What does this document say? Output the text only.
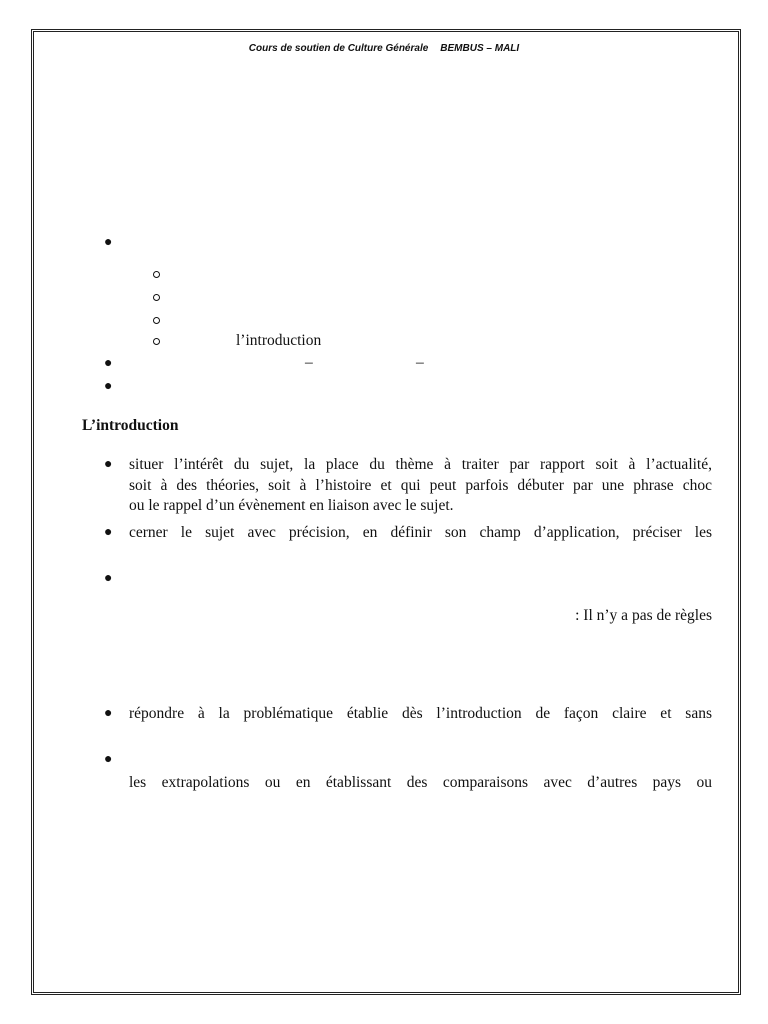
Cours de soutien de Culture Générale BEMBUS – MALI
●
l’introduction
●	–	–
●
L’introduction
● situer l’intérêt du sujet, la place du thème à traiter par rapport soit à l’actualité,
soit à des théories, soit à l’histoire et qui peut parfois débuter par une phrase choc
ou le rappel d’un évènement en liaison avec le sujet.
● cerner le sujet avec précision, en définir son champ d’application, préciser les
●
: Il n’y a pas de règles
● répondre à la problématique établie dès l’introduction de façon claire et sans
●
les extrapolations ou en établissant des comparaisons avec d’autres pays ou
